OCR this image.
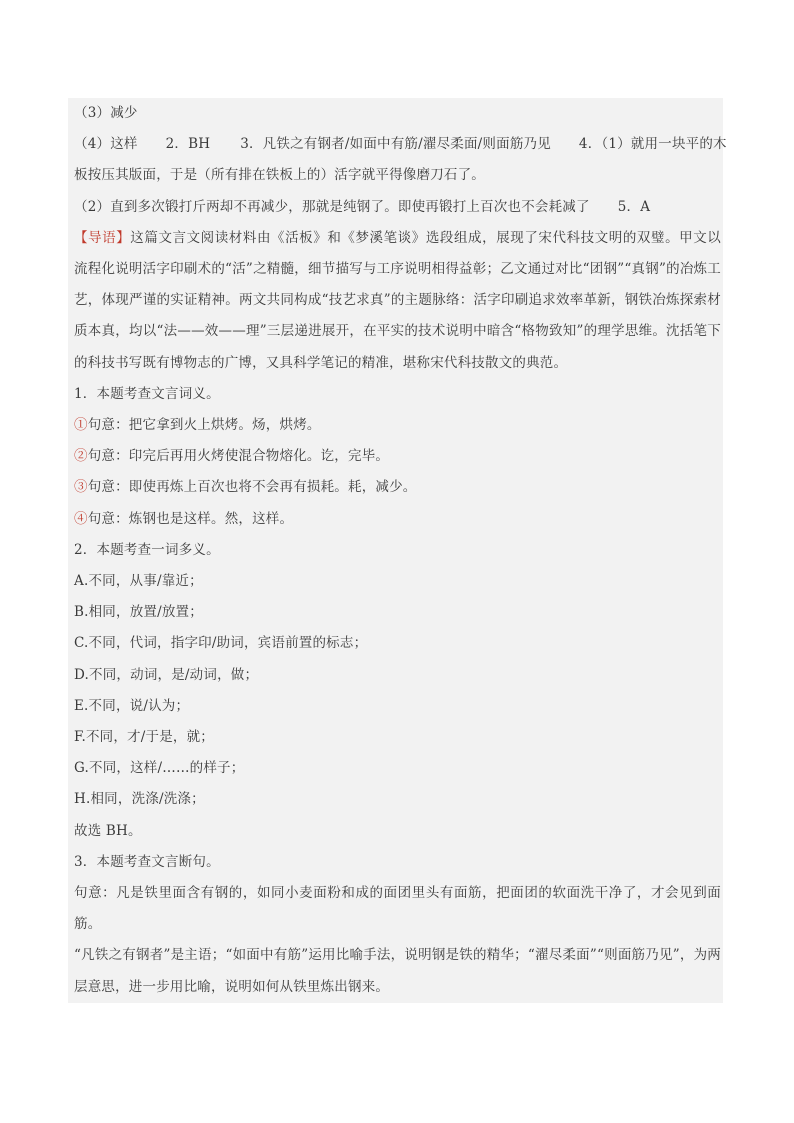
（3）减少
（4）这样 2．BH 3．凡铁之有钢者/如面中有筋/濯尽柔面/则面筋乃见 4．（1）就用一块平的木
板按压其版面，于是（所有排在铁板上的）活字就平得像磨刀石了。
（2）直到多次锻打斤两却不再减少，那就是纯钢了。即使再锻打上百次也不会耗减了 5．A
【导语】这篇文言文阅读材料由《活板》和《梦溪笔谈》选段组成，展现了宋代科技文明的双璧。甲文以
流程化说明活字印刷术的“活”之精髓，细节描写与工序说明相得益彰；乙文通过对比“团钢”“真钢”的冶炼工
艺，体现严谨的实证精神。两文共同构成“技艺求真”的主题脉络：活字印刷追求效率革新，钢铁冶炼探索材
质本真，均以“法——效——理”三层递进展开，在平实的技术说明中暗含“格物致知”的理学思维。沈括笔下
的科技书写既有博物志的广博，又具科学笔记的精准，堪称宋代科技散文的典范。
1．本题考查文言词义。
①句意：把它拿到火上烘烤。炀，烘烤。
②句意：印完后再用火烤使混合物熔化。讫，完毕。
③句意：即使再炼上百次也将不会再有损耗。耗，减少。
④句意：炼钢也是这样。然，这样。
2．本题考查一词多义。
A.不同，从事/靠近；
B.相同，放置/放置；
C.不同，代词，指字印/助词，宾语前置的标志；
D.不同，动词，是/动词，做；
E.不同，说/认为；
F.不同，才/于是，就；
G.不同，这样/……的样子；
H.相同，洗涤/洗涤；
故选 BH。
3．本题考查文言断句。
句意：凡是铁里面含有钢的，如同小麦面粉和成的面团里头有面筋，把面团的软面洗干净了，才会见到面
筋。
“凡铁之有钢者”是主语；“如面中有筋”运用比喻手法，说明钢是铁的精华；“濯尽柔面”“则面筋乃见”，为两
层意思，进一步用比喻，说明如何从铁里炼出钢来。
